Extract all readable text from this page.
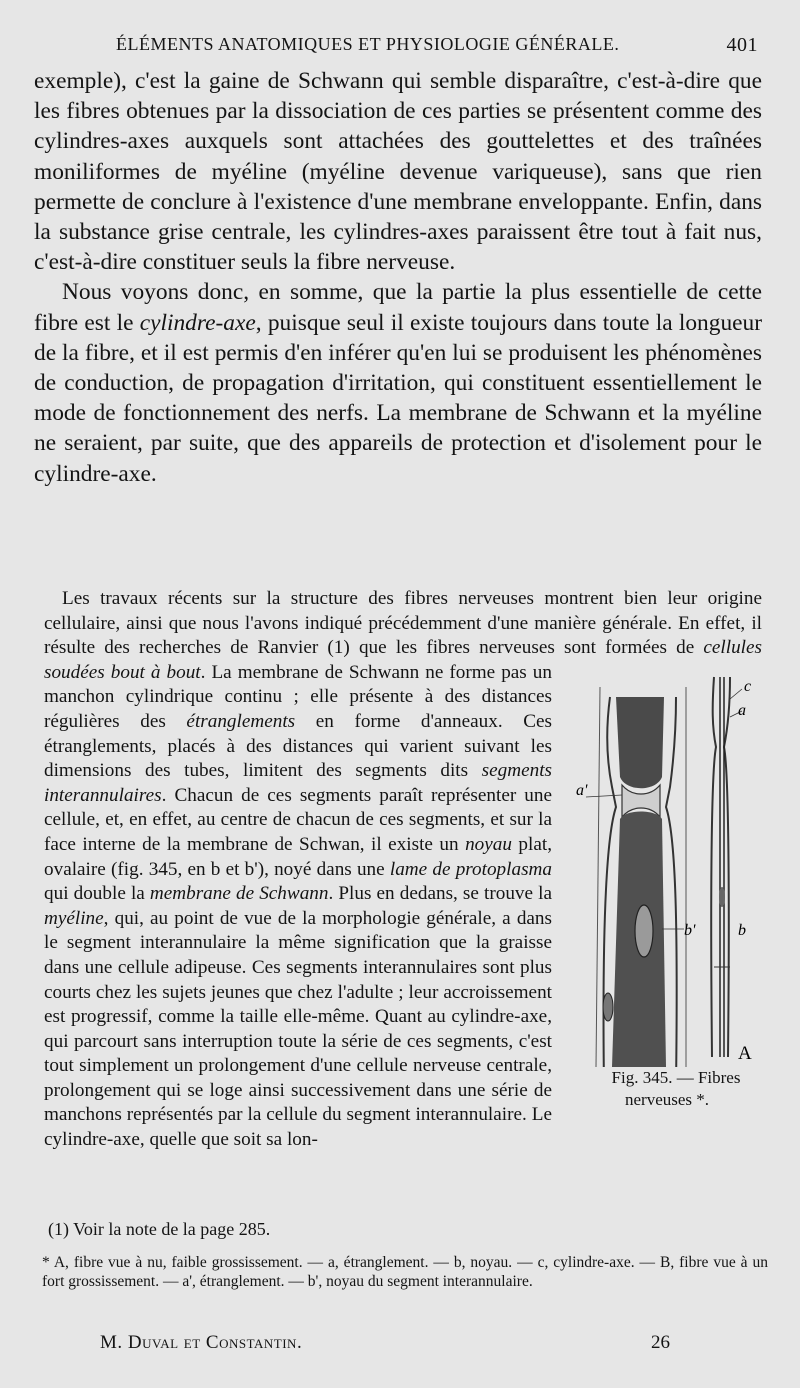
ÉLÉMENTS ANATOMIQUES ET PHYSIOLOGIE GÉNÉRALE.	401

exemple), c'est la gaine de Schwann qui semble disparaître, c'est-à-dire que les fibres obtenues par la dissociation de ces parties se présentent comme des cylindres-axes auxquels sont attachées des gouttelettes et des traînées moniliformes de myéline (myéline devenue variqueuse), sans que rien permette de conclure à l'existence d'une membrane enveloppante. Enfin, dans la substance grise centrale, les cylindres-axes paraissent être tout à fait nus, c'est-à-dire constituer seuls la fibre nerveuse.

Nous voyons donc, en somme, que la partie la plus essentielle de cette fibre est le cylindre-axe, puisque seul il existe toujours dans toute la longueur de la fibre, et il est permis d'en inférer qu'en lui se produisent les phénomènes de conduction, de propagation d'irritation, qui constituent essentiellement le mode de fonctionnement des nerfs. La membrane de Schwann et la myéline ne seraient, par suite, que des appareils de protection et d'isolement pour le cylindre-axe.

Les travaux récents sur la structure des fibres nerveuses montrent bien leur origine cellulaire, ainsi que nous l'avons indiqué précédemment d'une manière générale. En effet, il résulte des recherches de Ranvier (1) que les fibres nerveuses sont formées de
a'
b'	b
a
c
A
Fig. 345. — Fibres nerveuses *.
cellules soudées bout à bout. La membrane de Schwann ne forme pas un manchon cylindrique continu ; elle présente à des distances régulières des étranglements en forme d'anneaux. Ces étranglements, placés à des distances qui varient suivant les dimensions des tubes, limitent des segments dits segments interannulaires. Chacun de ces segments paraît représenter une cellule, et, en effet, au centre de chacun de ces segments, et sur la face interne de la membrane de Schwan, il existe un noyau plat, ovalaire (fig. 345, en b et b'), noyé dans une lame de protoplasma qui double la membrane de Schwann. Plus en dedans, se trouve la myéline, qui, au point de vue de la morphologie générale, a dans le segment interannulaire la même signification que la graisse dans une cellule adipeuse. Ces segments interannulaires sont plus courts chez les sujets jeunes que chez l'adulte ; leur accroissement est progressif, comme la taille elle-même. Quant au cylindre-axe, qui parcourt sans interruption toute la série de ces segments, c'est tout simplement un prolongement d'une cellule nerveuse centrale, prolongement qui se loge ainsi successivement dans une série de manchons représentés par la cellule du segment interannulaire. Le cylindre-axe, quelle que soit sa lon-

(1) Voir la note de la page 285.
* A, fibre vue à nu, faible grossissement. — a, étranglement. — b, noyau. — c, cylindre-axe. — B, fibre vue à un fort grossissement. — a', étranglement. — b', noyau du segment interannulaire.
M. Duval et Constantin.	26
